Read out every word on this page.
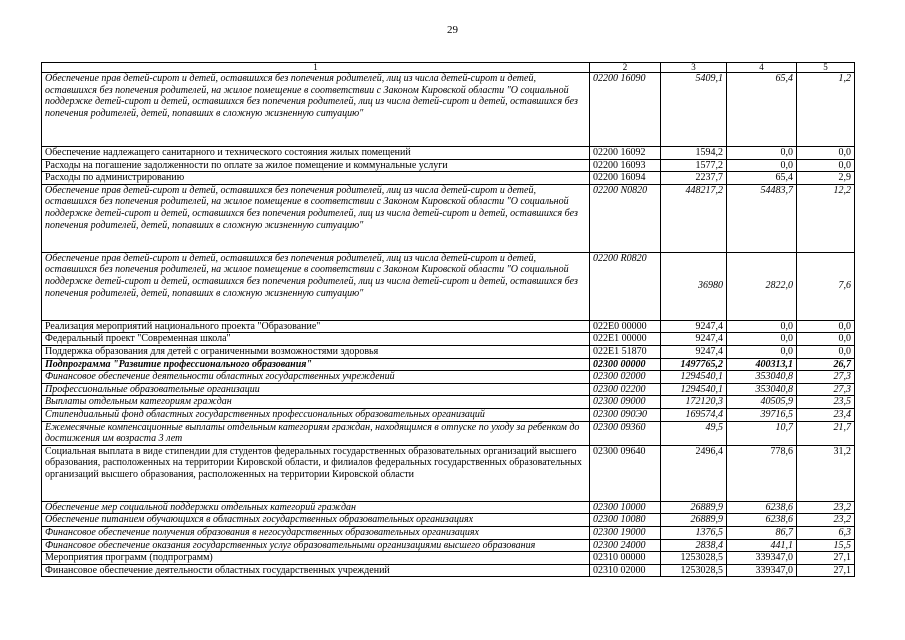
29
1	2	3	4	5
Обеспечение прав детей-сирот и детей, оставшихся без попечения родителей, лиц из числа детей-сирот и детей, оставшихся без попечения родителей, на жилое помещение в соответствии с Законом Кировской области "О социальной поддержке детей-сирот и детей, оставшихся без попечения родителей, лиц из числа детей-сирот и детей, оставшихся без попечения родителей, детей, попавших в сложную жизненную ситуацию"	02200 16090	5409,1	65,4	1,2
Обеспечение надлежащего санитарного и технического состояния жилых помещений	02200 16092	1594,2	0,0	0,0
Расходы на погашение задолженности по оплате за жилое помещение и коммунальные услуги	02200 16093	1577,2	0,0	0,0
Расходы по администрированию	02200 16094	2237,7	65,4	2,9
Обеспечение прав детей-сирот и детей, оставшихся без попечения родителей, лиц из числа детей-сирот и детей, оставшихся без попечения родителей, на жилое помещение в соответствии с Законом Кировской области "О социальной поддержке детей-сирот и детей, оставшихся без попечения родителей, лиц из числа детей-сирот и детей, оставшихся без попечения родителей, детей, попавших в сложную жизненную ситуацию"	02200 N0820	448217,2	54483,7	12,2
Обеспечение прав детей-сирот и детей, оставшихся без попечения родителей, лиц из числа детей-сирот и детей, оставшихся без попечения родителей, на жилое помещение в соответствии с Законом Кировской области "О социальной поддержке детей-сирот и детей, оставшихся без попечения родителей, лиц из числа детей-сирот и детей, оставшихся без попечения родителей, детей, попавших в сложную жизненную ситуацию"	02200 R0820	36980	2822,0	7,6
Реализация мероприятий национального проекта "Образование"	022E0 00000	9247,4	0,0	0,0
Федеральный проект "Современная школа"	022E1 00000	9247,4	0,0	0,0
Поддержка образования для детей с ограниченными возможностями здоровья	022E1 51870	9247,4	0,0	0,0
Подпрограмма "Развитие профессионального образования"	02300 00000	1497765,2	400313,1	26,7
Финансовое обеспечение деятельности областных государственных учреждений	02300 02000	1294540,1	353040,8	27,3
Профессиональные образовательные организации	02300 02200	1294540,1	353040,8	27,3
Выплаты отдельным категориям граждан	02300 09000	172120,3	40505,9	23,5
Стипендиальный фонд областных государственных профессиональных образовательных организаций	02300 090Э0	169574,4	39716,5	23,4
Ежемесячные компенсационные выплаты отдельным категориям граждан, находящимся в отпуске по уходу за ребенком до достижения им возраста 3 лет	02300 09360	49,5	10,7	21,7
Социальная выплата в виде стипендии для студентов федеральных государственных образовательных организаций высшего образования, расположенных на территории Кировской области, и филиалов федеральных государственных образовательных организаций высшего образования, расположенных на территории Кировской области	02300 09640	2496,4	778,6	31,2
Обеспечение мер социальной поддержки отдельных категорий граждан	02300 10000	26889,9	6238,6	23,2
Обеспечение питанием обучающихся в областных государственных образовательных организациях	02300 10080	26889,9	6238,6	23,2
Финансовое обеспечение получения образования в негосударственных образовательных организациях	02300 19000	1376,5	86,7	6,3
Финансовое обеспечение оказания государственных услуг образовательными организациями высшего образования	02300 24000	2838,4	441,1	15,5
Мероприятия программ (подпрограмм)	02310 00000	1253028,5	339347,0	27,1
Финансовое обеспечение деятельности областных государственных учреждений	02310 02000	1253028,5	339347,0	27,1
